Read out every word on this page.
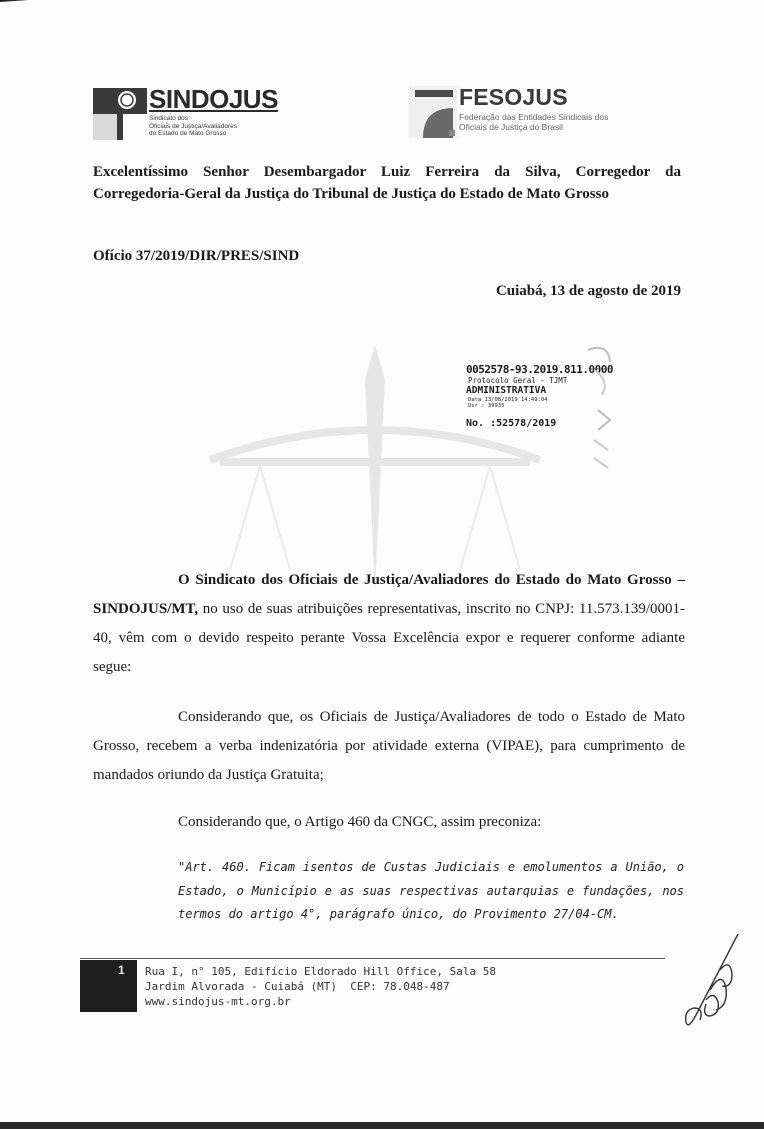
SINDOJUS
Sindicato dos
Oficiais de Justiça/Avaliadores
do Estado de Mato Grosso
FESOJUS
Federação das Entidades Sindicais dos
Oficiais de Justiça do Brasil
Excelentíssimo Senhor Desembargador Luiz Ferreira da Silva, Corregedor da Corregedoria-Geral da Justiça do Tribunal de Justiça do Estado de Mato Grosso
Ofício 37/2019/DIR/PRES/SIND
Cuiabá, 13 de agosto de 2019
0052578-93.2019.811.0000
Protocolo Geral - TJMT
ADMINISTRATIVA
Data 13/08/2019 14:49:04
Usr : 39935
No. :52578/2019
O Sindicato dos Oficiais de Justiça/Avaliadores do Estado do Mato Grosso – SINDOJUS/MT, no uso de suas atribuições representativas, inscrito no CNPJ: 11.573.139/0001-40, vêm com o devido respeito perante Vossa Excelência expor e requerer conforme adiante segue:
Considerando que, os Oficiais de Justiça/Avaliadores de todo o Estado de Mato Grosso, recebem a verba indenizatória por atividade externa (VIPAE), para cumprimento de mandados oriundo da Justiça Gratuita;
Considerando que, o Artigo 460 da CNGC, assim preconiza:
"Art. 460. Ficam isentos de Custas Judiciais e emolumentos a União, o Estado, o Município e as suas respectivas autarquias e fundações, nos termos do artigo 4°, parágrafo único, do Provimento 27/04-CM.
1 Rua I, n° 105, Edifício Eldorado Hill Office, Sala 58
Jardim Alvorada - Cuiabá (MT)  CEP: 78.048-487
www.sindojus-mt.org.br
